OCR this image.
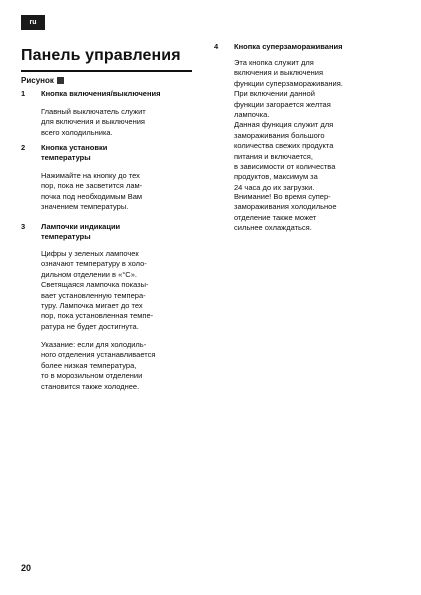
ru
Панель управления
Рисунок
1 Кнопка включения/выключения
Главный выключатель служит
для включения и выключения
всего холодильника.
2 Кнопка установки
температуры
Нажимайте на кнопку до тех
пор, пока не засветится лам-
почка под необходимым Вам
значением температуры.
3 Лампочки индикации
температуры
Цифры у зеленых лампочек
означают температуру в холо-
дильном отделении в «°C».
Светящаяся лампочка показы-
вает установленную темпера-
туру. Лампочка мигает до тех
пор, пока установленная темпе-
ратура не будет достигнута.
Указание: если для холодиль-
ного отделения устанавливается
более низкая температура,
то в морозильном отделении
становится также холоднее.
4 Кнопка суперзамораживания
Эта кнопка служит для
включения и выключения
функции суперзамораживания.
При включении данной
функции загорается желтая
лампочка.
Данная функция служит для
замораживания большого
количества свежих продукта
питания и включается,
в зависимости от количества
продуктов, максимум за
24 часа до их загрузки.
Внимание! Во время супер-
замораживания холодильное
отделение также может
сильнее охлаждаться.
20
